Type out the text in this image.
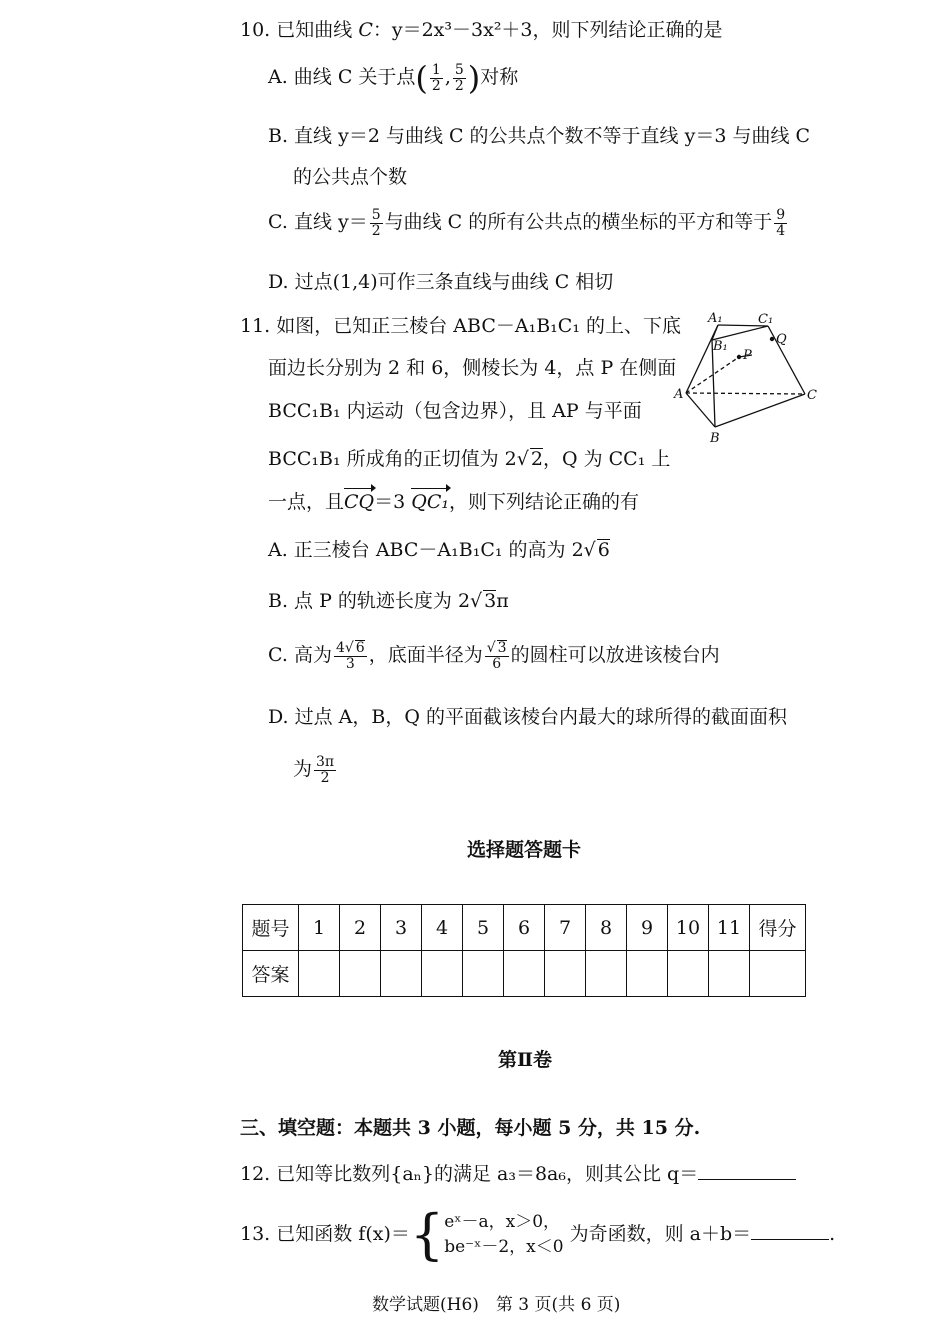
10. 已知曲线 C：y＝2x³－3x²＋3，则下列结论正确的是
A. 曲线 C 关于点( $\frac{1}{2}$ , $\frac{5}{2}$ )对称
B. 直线 y＝2 与曲线 C 的公共点个数不等于直线 y＝3 与曲线 C
的公共点个数
C. 直线 $y= \frac{5}{2}$ 与曲线 C 的所有公共点的横坐标的平方和等于 $\frac{9}{4}$
D. 过点(1,4)可作三条直线与曲线 C 相切
11. 如图，已知正三棱台 ABC－A₁B₁C₁ 的上、下底
面边长分别为 2 和 6，侧棱长为 4，点 P 在侧面
BCC₁B₁ 内运动（包含边界），且 AP 与平面
BCC₁B₁ 所成角的正切值为 2√ 2，Q 为 CC₁ 上
一点，且CQ＝3 QC₁，则下列结论正确的有
A₁	C₁
B₁
P
Q
A
B
C
A. 正三棱台 ABC－A₁B₁C₁ 的高为 2√ 6
B. 点 P 的轨迹长度为 2√ 3π
C. 高为 $\frac{4√ 6}{3}$ ，底面半径为 $\frac{√ 3}{6}$ 的圆柱可以放进该棱台内
D. 过点 A，B，Q 的平面截该棱台内最大的球所得的截面面积
为 $\frac{3\pi}{2}$
选择题答题卡
题号	1	2	3	4	5	6	7	8	9	10	11	得分
答案												
第Ⅱ卷
三、填空题：本题共 3 小题，每小题 5 分，共 15 分.
12. 已知等比数列{aₙ}的满足 a₃＝8a₆，则其公比 q＝
13. 已知函数 f(x)＝{ eˣ－a，x＞0，
be⁻ˣ－2，x＜0
为奇函数，则 a＋b＝	.
数学试题(H6)　第 3 页(共 6 页)
